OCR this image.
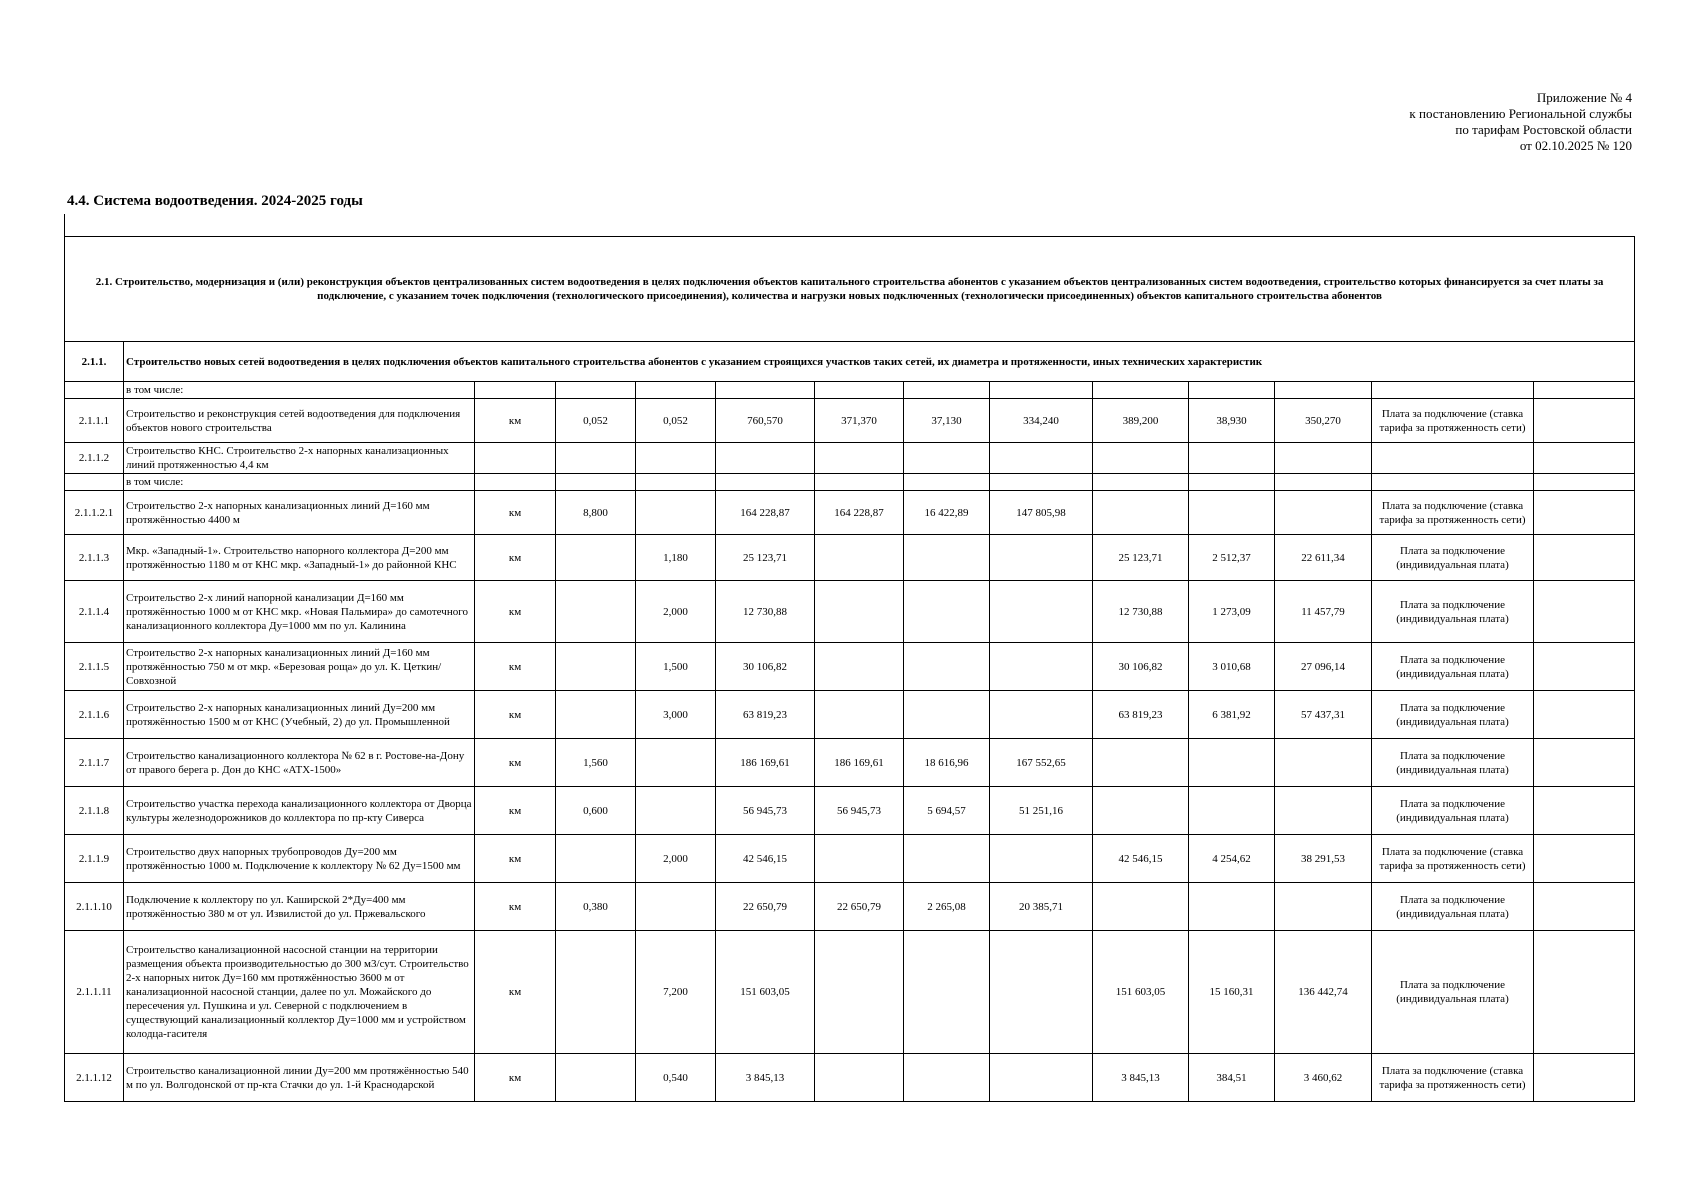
Приложение № 4
к постановлению Региональной службы
по тарифам Ростовской области
от 02.10.2025 № 120
4.4. Система водоотведения. 2024-2025 годы
2.1. Строительство, модернизация и (или) реконструкция объектов централизованных систем водоотведения в целях подключения объектов капитального строительства абонентов с указанием объектов централизованных систем водоотведения, строительство которых финансируется за счет платы за подключение, с указанием точек подключения (технологического присоединения), количества и нагрузки новых подключенных (технологически присоединенных) объектов капитального строительства абонентов													
2.1.1.	Строительство новых сетей водоотведения в целях подключения объектов капитального строительства абонентов с указанием строящихся участков таких сетей, их диаметра и протяженности, иных технических характеристик												
	в том числе:												
2.1.1.1	Строительство и реконструкция сетей водоотведения для подключения объектов нового строительства	км	0,052	0,052	760,570	371,370	37,130	334,240	389,200	38,930	350,270	Плата за подключение (ставка тарифа за протяженность сети)	
2.1.1.2	Строительство КНС. Строительство 2-х напорных канализационных линий протяженностью 4,4 км												
	в том числе:												
2.1.1.2.1	Строительство 2-х напорных канализационных линий Д=160 мм протяжённостью 4400 м	км	8,800		164 228,87	164 228,87	16 422,89	147 805,98				Плата за подключение (ставка тарифа за протяженность сети)	
2.1.1.3	Мкр. «Западный-1». Строительство напорного коллектора Д=200 мм протяжённостью 1180 м от КНС мкр. «Западный-1» до районной КНС	км		1,180	25 123,71				25 123,71	2 512,37	22 611,34	Плата за подключение (индивидуальная плата)	
2.1.1.4	Строительство 2-х линий напорной канализации Д=160 мм протяжённостью 1000 м от КНС мкр. «Новая Пальмира» до самотечного канализационного коллектора Ду=1000 мм по ул. Калинина	км		2,000	12 730,88				12 730,88	1 273,09	11 457,79	Плата за подключение (индивидуальная плата)	
2.1.1.5	Строительство 2-х напорных канализационных линий Д=160 мм протяжённостью 750 м от мкр. «Березовая роща» до ул. К. Цеткин/Совхозной	км		1,500	30 106,82				30 106,82	3 010,68	27 096,14	Плата за подключение (индивидуальная плата)	
2.1.1.6	Строительство 2-х напорных канализационных линий Ду=200 мм протяжённостью 1500 м от КНС (Учебный, 2) до ул. Промышленной	км		3,000	63 819,23				63 819,23	6 381,92	57 437,31	Плата за подключение (индивидуальная плата)	
2.1.1.7	Строительство канализационного коллектора № 62 в г. Ростове-на-Дону от правого берега р. Дон до КНС «АТХ-1500»	км	1,560		186 169,61	186 169,61	18 616,96	167 552,65				Плата за подключение (индивидуальная плата)	
2.1.1.8	Строительство участка перехода канализационного коллектора от Дворца культуры железнодорожников до коллектора по пр-кту Сиверса	км	0,600		56 945,73	56 945,73	5 694,57	51 251,16				Плата за подключение (индивидуальная плата)	
2.1.1.9	Строительство двух напорных трубопроводов Ду=200 мм протяжённостью 1000 м. Подключение к коллектору № 62 Ду=1500 мм	км		2,000	42 546,15				42 546,15	4 254,62	38 291,53	Плата за подключение (ставка тарифа за протяженность сети)	
2.1.1.10	Подключение к коллектору по ул. Каширской 2*Ду=400 мм протяжённостью 380 м от ул. Извилистой до ул. Пржевальского	км	0,380		22 650,79	22 650,79	2 265,08	20 385,71				Плата за подключение (индивидуальная плата)	
2.1.1.11	Строительство канализационной насосной станции на территории размещения объекта производительностью до 300 м3/сут. Строительство 2-х напорных ниток Ду=160 мм протяжённостью 3600 м от канализационной насосной станции, далее по ул. Можайского до пересечения ул. Пушкина и ул. Северной с подключением в существующий канализационный коллектор Ду=1000 мм и устройством колодца-гасителя	км		7,200	151 603,05				151 603,05	15 160,31	136 442,74	Плата за подключение (индивидуальная плата)	
2.1.1.12	Строительство канализационной линии Ду=200 мм протяжённостью 540 м по ул. Волгодонской от пр-кта Стачки до ул. 1-й Краснодарской	км		0,540	3 845,13				3 845,13	384,51	3 460,62	Плата за подключение (ставка тарифа за протяженность сети)	
